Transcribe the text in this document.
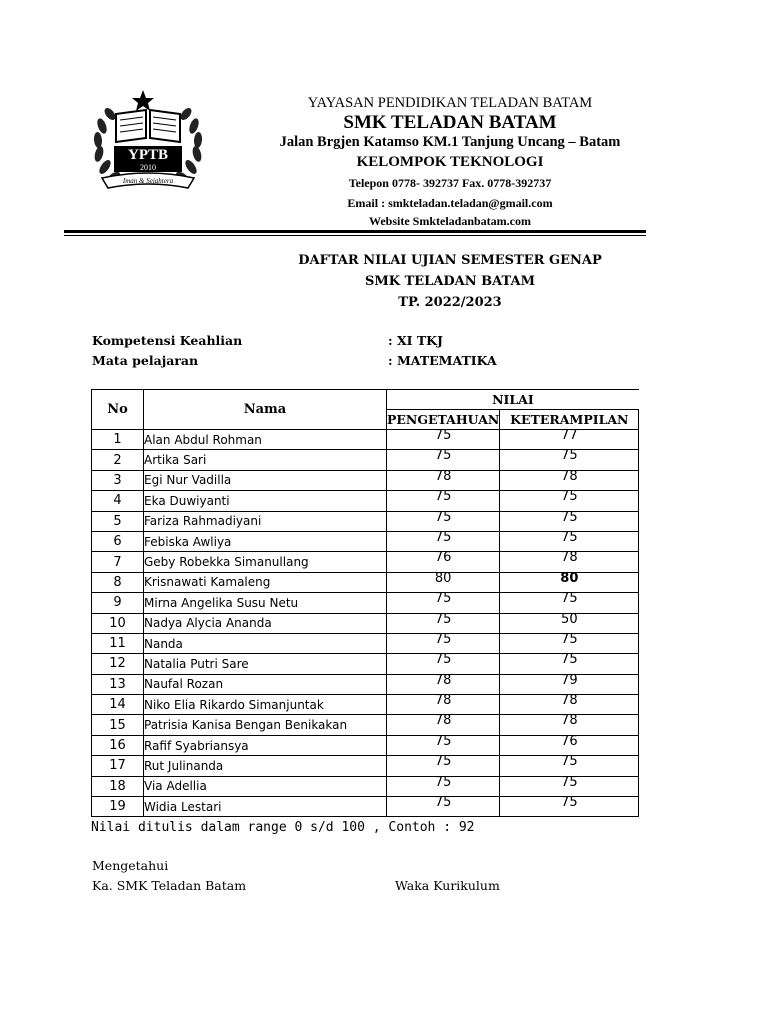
YPTB
2010
Iman & Sejahtera
YAYASAN PENDIDIKAN TELADAN BATAM
SMK TELADAN BATAM
Jalan Brgjen Katamso KM.1 Tanjung Uncang – Batam
KELOMPOK TEKNOLOGI
Telepon 0778- 392737 Fax. 0778-392737
Email : smkteladan.teladan@gmail.com
Website Smkteladanbatam.com
DAFTAR NILAI UJIAN SEMESTER GENAP
SMK TELADAN BATAM
TP. 2022/2023
Kompetensi Keahlian	: XI TKJ
Mata pelajaran	: MATEMATIKA
No	Nama	NILAI	
		PENGETAHUAN	KETERAMPILAN
1	Alan Abdul Rohman	75	77
2	Artika Sari	75	75
3	Egi Nur Vadilla	78	78
4	Eka Duwiyanti	75	75
5	Fariza Rahmadiyani	75	75
6	Febiska Awliya	75	75
7	Geby Robekka Simanullang	76	78
8	Krisnawati Kamaleng	80	80
9	Mirna Angelika Susu Netu	75	75
10	Nadya Alycia Ananda	75	50
11	Nanda	75	75
12	Natalia Putri Sare	75	75
13	Naufal Rozan	78	79
14	Niko Elia Rikardo Simanjuntak	78	78
15	Patrisia Kanisa Bengan Benikakan	78	78
16	Rafif Syabriansya	75	76
17	Rut Julinanda	75	75
18	Via Adellia	75	75
19	Widia Lestari	75	75
Nilai ditulis dalam range 0 s/d 100 , Contoh : 92
Mengetahui
Ka. SMK Teladan Batam	Waka Kurikulum
